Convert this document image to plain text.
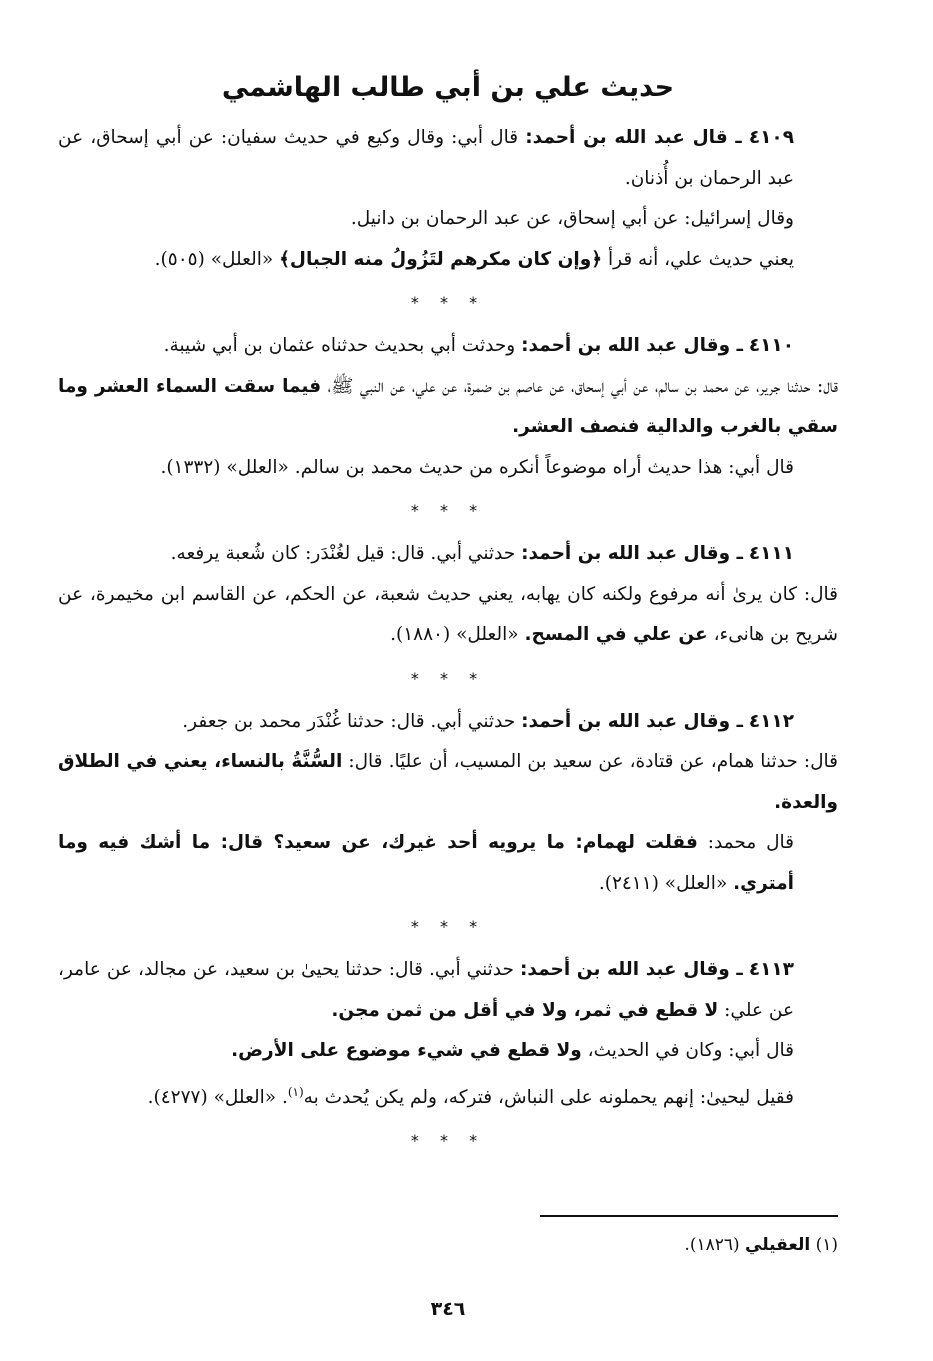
حديث علي بن أبي طالب الهاشمي

٤١٠٩ ـ قال عبد الله بن أحمد: قال أبي: وقال وكيع في حديث سفيان: عن أبي إسحاق، عن عبد الرحمان بن أُذنان.

وقال إسرائيل: عن أبي إسحاق، عن عبد الرحمان بن دانيل.

يعني حديث علي، أنه قرأ ﴿وإن كان مكرهم لتَزُولُ منه الجبال﴾ «العلل» (٥٠٥).

* * *

٤١١٠ ـ وقال عبد الله بن أحمد: وحدثت أبي بحديث حدثناه عثمان بن أبي شيبة.

قال: حدثنا جرير، عن محمد بن سالم، عن أبي إسحاق، عن عاصم بن ضمرة، عن علي، عن النبي ﷺ، فيما سقت السماء العشر وما سقي بالغرب والدالية فنصف العشر.

قال أبي: هذا حديث أراه موضوعاً أنكره من حديث محمد بن سالم. «العلل» (١٣٣٢).

* * *

٤١١١ ـ وقال عبد الله بن أحمد: حدثني أبي. قال: قيل لغُنْدَر: كان شُعبة يرفعه.

قال: كان يرىٰ أنه مرفوع ولكنه كان يهابه، يعني حديث شعبة، عن الحكم، عن القاسم ابن مخيمرة، عن شريح بن هانىء، عن علي في المسح. «العلل» (١٨٨٠).

* * *

٤١١٢ ـ وقال عبد الله بن أحمد: حدثني أبي. قال: حدثنا غُنْدَر محمد بن جعفر.

قال: حدثنا همام، عن قتادة، عن سعيد بن المسيب، أن عليًا. قال: السُّنَّةُ بالنساء، يعني في الطلاق والعدة.

قال محمد: فقلت لهمام: ما يرويه أحد غيرك، عن سعيد؟ قال: ما أشك فيه وما أمتري. «العلل» (٢٤١١).

* * *

٤١١٣ ـ وقال عبد الله بن أحمد: حدثني أبي. قال: حدثنا يحيىٰ بن سعيد، عن مجالد، عن عامر، عن علي: لا قطع في ثمر، ولا في أقل من ثمن مجن.

قال أبي: وكان في الحديث، ولا قطع في شيء موضوع على الأرض.

فقيل ليحيىٰ: إنهم يحملونه على النباش، فتركه، ولم يكن يُحدث به$^{(١)}$. «العلل» (٤٢٧٧).

* * *
(١) العقيلي (١٨٢٦).
٣٤٦
